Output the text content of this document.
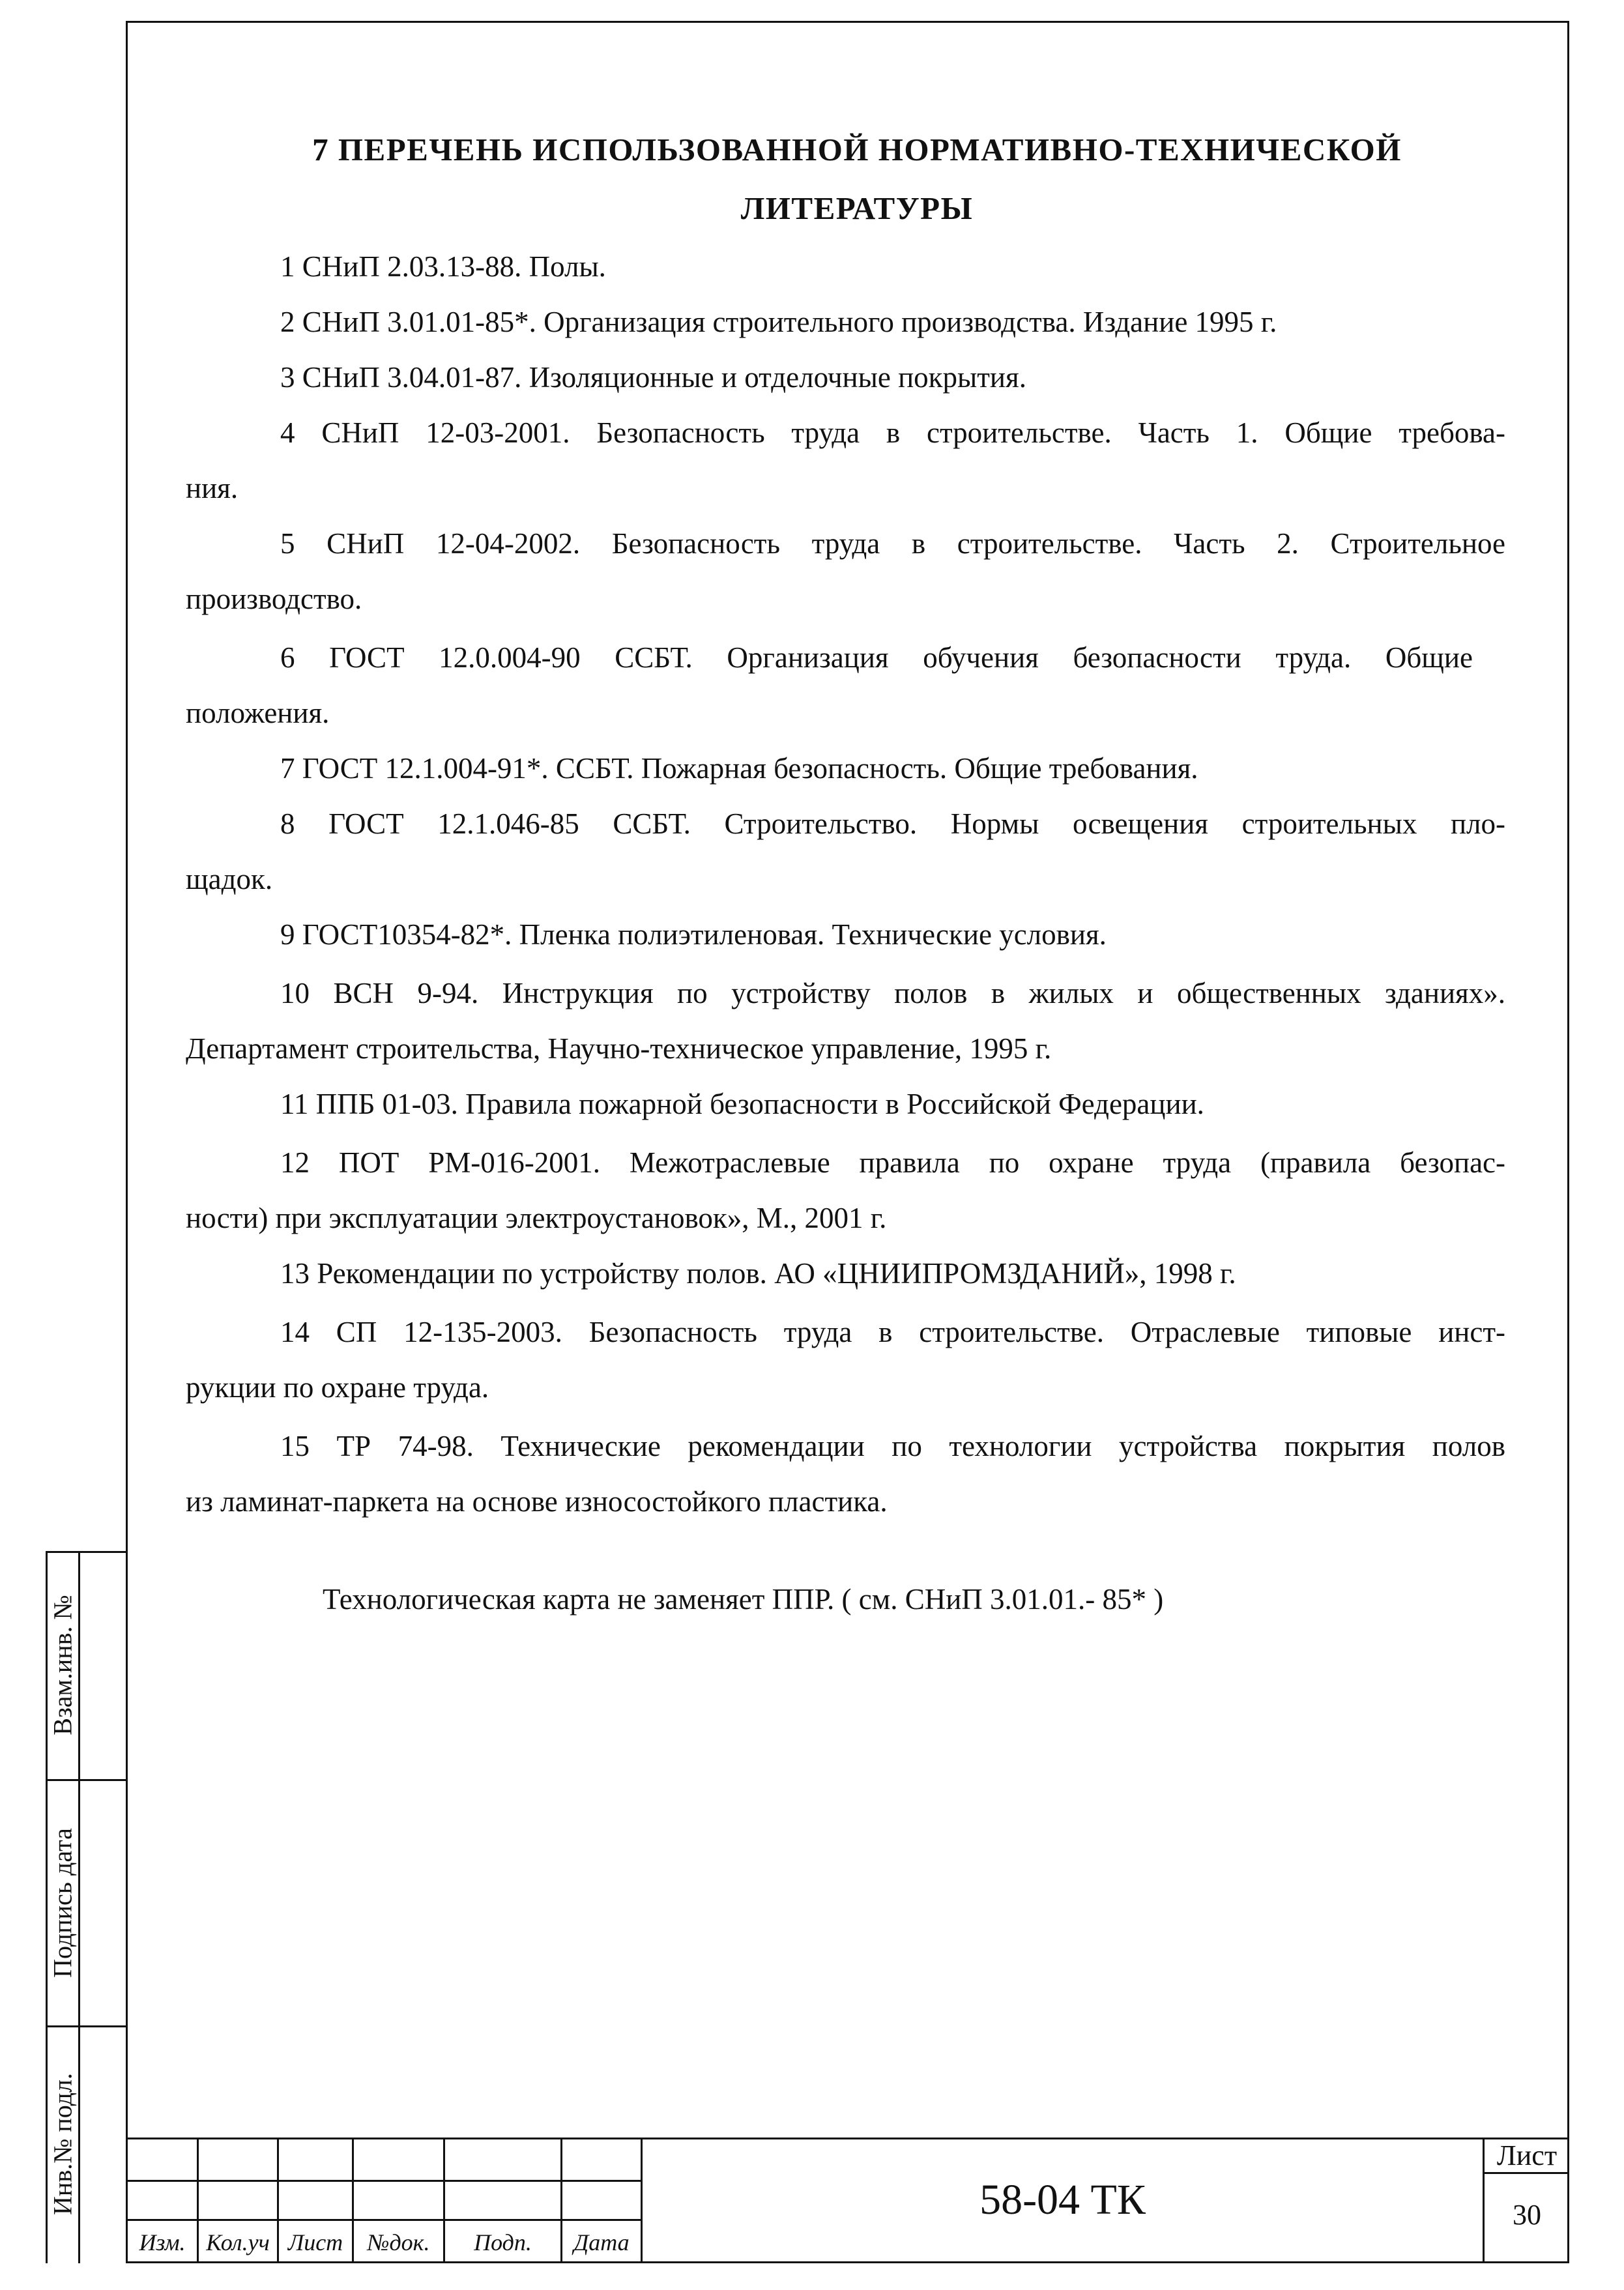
Взам.инв. №
Подпись дата
Инв.№ подл.
7 ПЕРЕЧЕНЬ ИСПОЛЬЗОВАННОЙ НОРМАТИВНО-ТЕХНИЧЕСКОЙ
ЛИТЕРАТУРЫ
1 СНиП 2.03.13-88. Полы.
2 СНиП 3.01.01-85*. Организация строительного производства. Издание 1995 г.
3 СНиП 3.04.01-87. Изоляционные и отделочные покрытия.
4 СНиП 12-03-2001. Безопасность труда в строительстве. Часть 1. Общие требова-
ния.
5 СНиП 12-04-2002. Безопасность труда в строительстве. Часть 2. Строительное
производство.
6 ГОСТ 12.0.004-90 ССБТ. Организация обучения безопасности труда. Общие
положения.
7 ГОСТ 12.1.004-91*. ССБТ. Пожарная безопасность. Общие требования.
8 ГОСТ 12.1.046-85 ССБТ. Строительство. Нормы освещения строительных пло-
щадок.
9 ГОСТ10354-82*. Пленка полиэтиленовая. Технические условия.
10 ВСН 9-94. Инструкция по устройству полов в жилых и общественных зданиях».
Департамент строительства, Научно-техническое управление, 1995 г.
11 ППБ 01-03. Правила пожарной безопасности в Российской Федерации.
12 ПОТ РМ-016-2001. Межотраслевые правила по охране труда (правила безопас-
ности) при эксплуатации электроустановок», М., 2001 г.
13 Рекомендации по устройству полов. АО «ЦНИИПРОМЗДАНИЙ», 1998 г.
14 СП 12-135-2003. Безопасность труда в строительстве. Отраслевые типовые инст-
рукции по охране труда.
15 ТР 74-98. Технические рекомендации по технологии устройства покрытия полов
из ламинат-паркета на основе износостойкого пластика.
Технологическая карта не заменяет ППР. ( см. СНиП 3.01.01.- 85* )
Изм. Кол.уч Лист	№док.	Подп.	Дата
58-04 ТК
Лист
30
